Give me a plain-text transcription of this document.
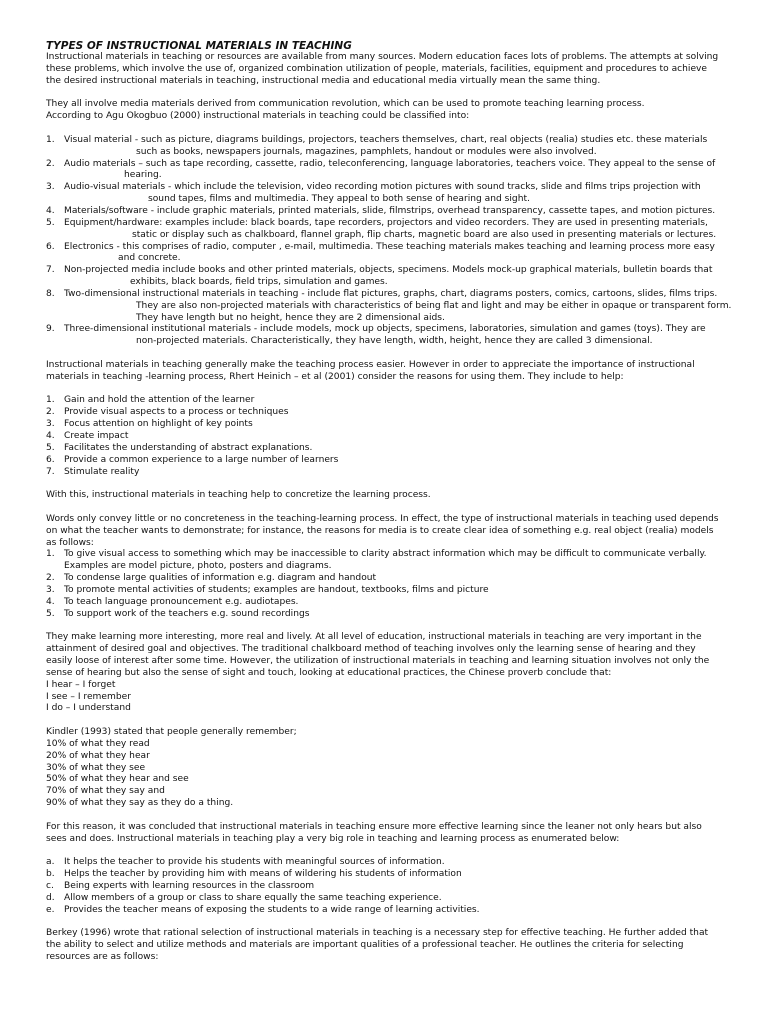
TYPES OF INSTRUCTIONAL MATERIALS IN TEACHING

Instructional materials in teaching or resources are available from many sources. Modern education faces lots of problems. The attempts at solving

these problems, which involve the use of, organized combination utilization of people, materials, facilities, equipment and procedures to achieve

the desired instructional materials in teaching, instructional media and educational media virtually mean the same thing.

They all involve media materials derived from communication revolution, which can be used to promote teaching learning process.

According to Agu Okogbuo (2000) instructional materials in teaching could be classified into:

1. Visual material - such as picture, diagrams buildings, projectors, teachers themselves, chart, real objects (realia) studies etc. these materials

such as books, newspapers journals, magazines, pamphlets, handout or modules were also involved.

2. Audio materials – such as tape recording, cassette, radio, teleconferencing, language laboratories, teachers voice. They appeal to the sense of

hearing.

3. Audio-visual materials - which include the television, video recording motion pictures with sound tracks, slide and films trips projection with

sound tapes, films and multimedia. They appeal to both sense of hearing and sight.

4. Materials/software - include graphic materials, printed materials, slide, filmstrips, overhead transparency, cassette tapes, and motion pictures.

5. Equipment/hardware: examples include: black boards, tape recorders, projectors and video recorders. They are used in presenting materials,

static or display such as chalkboard, flannel graph, flip charts, magnetic board are also used in presenting materials or lectures.

6. Electronics - this comprises of radio, computer , e-mail, multimedia. These teaching materials makes teaching and learning process more easy

and concrete.

7. Non-projected media include books and other printed materials, objects, specimens. Models mock-up graphical materials, bulletin boards that

exhibits, black boards, field trips, simulation and games.

8. Two-dimensional instructional materials in teaching - include flat pictures, graphs, chart, diagrams posters, comics, cartoons, slides, films trips.

They are also non-projected materials with characteristics of being flat and light and may be either in opaque or transparent form.

They have length but no height, hence they are 2 dimensional aids.

9. Three-dimensional institutional materials - include models, mock up objects, specimens, laboratories, simulation and games (toys). They are

non-projected materials. Characteristically, they have length, width, height, hence they are called 3 dimensional.

Instructional materials in teaching generally make the teaching process easier. However in order to appreciate the importance of instructional

materials in teaching -learning process, Rhert Heinich – et al (2001) consider the reasons for using them. They include to help:

1. Gain and hold the attention of the learner

2. Provide visual aspects to a process or techniques

3. Focus attention on highlight of key points

4. Create impact

5. Facilitates the understanding of abstract explanations.

6. Provide a common experience to a large number of learners

7. Stimulate reality

With this, instructional materials in teaching help to concretize the learning process.

Words only convey little or no concreteness in the teaching-learning process. In effect, the type of instructional materials in teaching used depends

on what the teacher wants to demonstrate; for instance, the reasons for media is to create clear idea of something e.g. real object (realia) models

as follows:

1. To give visual access to something which may be inaccessible to clarity abstract information which may be difficult to communicate verbally.

Examples are model picture, photo, posters and diagrams.

2. To condense large qualities of information e.g. diagram and handout

3. To promote mental activities of students; examples are handout, textbooks, films and picture

4. To teach language pronouncement e.g. audiotapes.

5. To support work of the teachers e.g. sound recordings

They make learning more interesting, more real and lively. At all level of education, instructional materials in teaching are very important in the

attainment of desired goal and objectives. The traditional chalkboard method of teaching involves only the learning sense of hearing and they

easily loose of interest after some time. However, the utilization of instructional materials in teaching and learning situation involves not only the

sense of hearing but also the sense of sight and touch, looking at educational practices, the Chinese proverb conclude that:

I hear – I forget

I see – I remember

I do – I understand

Kindler (1993) stated that people generally remember;

10% of what they read

20% of what they hear

30% of what they see

50% of what they hear and see

70% of what they say and

90% of what they say as they do a thing.

For this reason, it was concluded that instructional materials in teaching ensure more effective learning since the leaner not only hears but also

sees and does. Instructional materials in teaching play a very big role in teaching and learning process as enumerated below:

a. It helps the teacher to provide his students with meaningful sources of information.

b. Helps the teacher by providing him with means of wildering his students of information

c. Being experts with learning resources in the classroom

d. Allow members of a group or class to share equally the same teaching experience.

e. Provides the teacher means of exposing the students to a wide range of learning activities.

Berkey (1996) wrote that rational selection of instructional materials in teaching is a necessary step for effective teaching. He further added that

the ability to select and utilize methods and materials are important qualities of a professional teacher. He outlines the criteria for selecting

resources are as follows:
